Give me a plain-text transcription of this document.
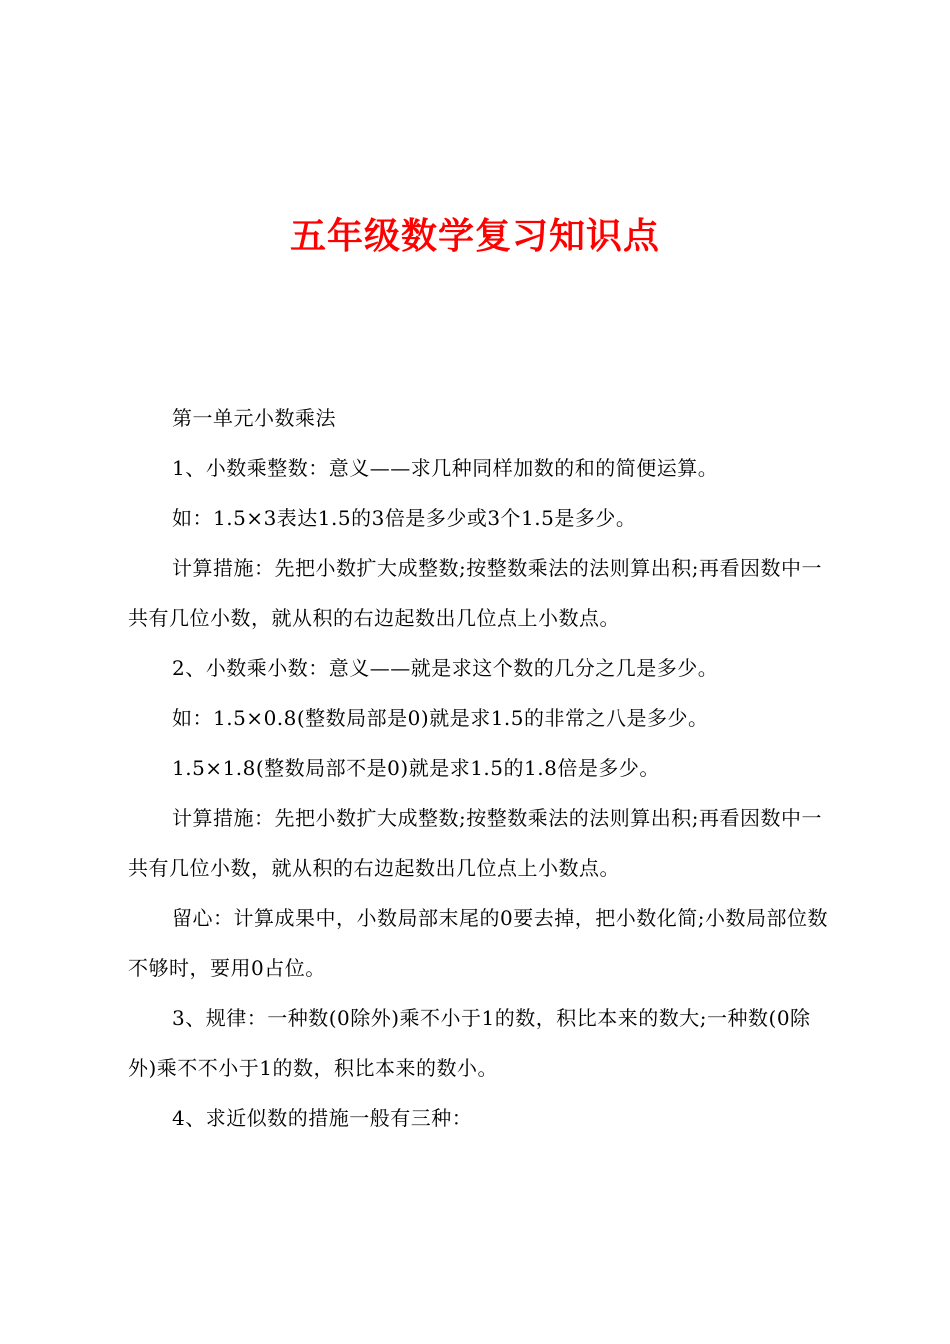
五年级数学复习知识点

第一单元小数乘法

1、小数乘整数：意义——求几种同样加数的和的简便运算。

如：1.5×3表达1.5的3倍是多少或3个1.5是多少。

计算措施：先把小数扩大成整数;按整数乘法的法则算出积;再看因数中一共有几位小数，就从积的右边起数出几位点上小数点。

2、小数乘小数：意义——就是求这个数的几分之几是多少。

如：1.5×0.8(整数局部是0)就是求1.5的非常之八是多少。

1.5×1.8(整数局部不是0)就是求1.5的1.8倍是多少。

计算措施：先把小数扩大成整数;按整数乘法的法则算出积;再看因数中一共有几位小数，就从积的右边起数出几位点上小数点。

留心：计算成果中，小数局部末尾的0要去掉，把小数化简;小数局部位数不够时，要用0占位。

3、规律：一种数(0除外)乘不小于1的数，积比本来的数大;一种数(0除外)乘不不小于1的数，积比本来的数小。

4、求近似数的措施一般有三种：
